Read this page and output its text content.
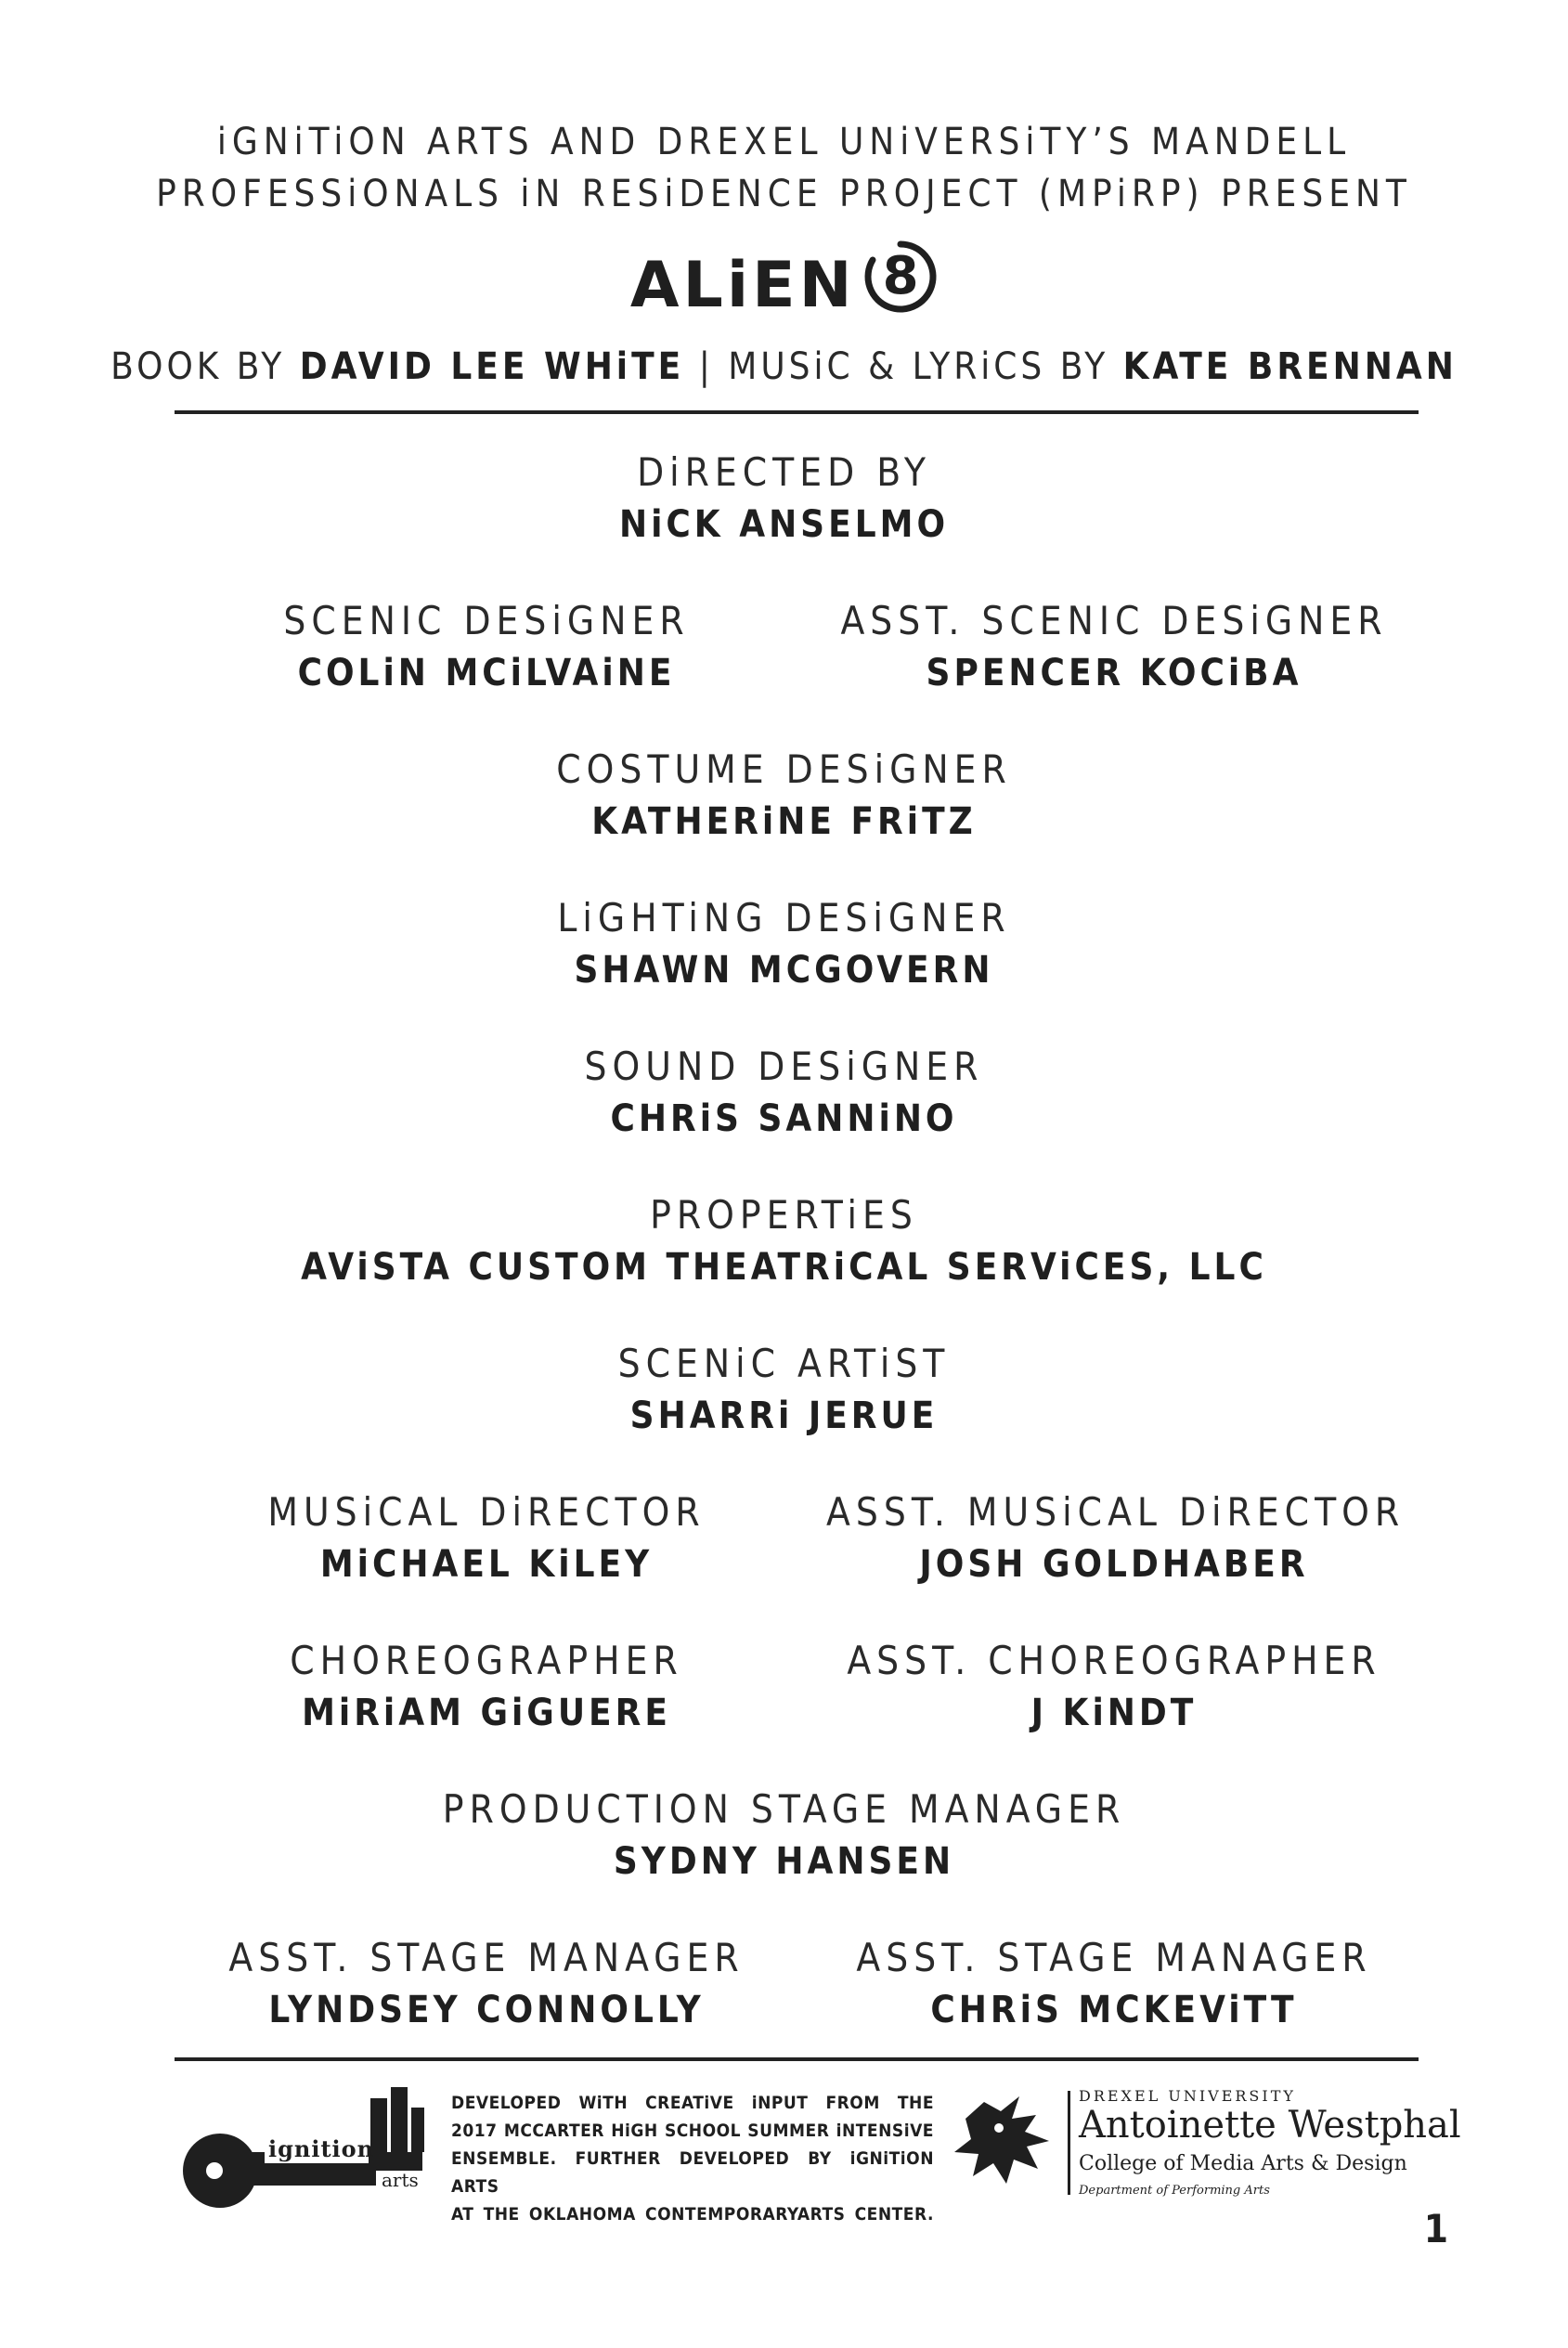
iGNiTiON ARTS AND DREXEL UNiVERSiTY’S MANDELL
PROFESSiONALS iN RESiDENCE PROJECT (MPiRP) PRESENT
ALiEN 8
BOOK BY DAVID LEE WHiTE | MUSiC & LYRiCS BY KATE BRENNAN
DiRECTED BY
NiCK ANSELMO
SCENIC DESiGNER
COLiN MCiLVAiNE
ASST. SCENIC DESiGNER
SPENCER KOCiBA
COSTUME DESiGNER
KATHERiNE FRiTZ
LiGHTiNG DESiGNER
SHAWN MCGOVERN
SOUND DESiGNER
CHRiS SANNiNO
PROPERTiES
AViSTA CUSTOM THEATRiCAL SERViCES, LLC
SCENiC ARTiST
SHARRi JERUE
MUSiCAL DiRECTOR
MiCHAEL KiLEY
ASST. MUSiCAL DiRECTOR
JOSH GOLDHABER
CHOREOGRAPHER
MiRiAM GiGUERE
ASST. CHOREOGRAPHER
J KiNDT
PRODUCTION STAGE MANAGER
SYDNY HANSEN
ASST. STAGE MANAGER
LYNDSEY CONNOLLY
ASST. STAGE MANAGER
CHRiS MCKEViTT
ignition
arts
DEVELOPED WiTH CREATiVE iNPUT FROM THE
2017 MCCARTER HiGH SCHOOL SUMMER iNTENSiVE
ENSEMBLE. FURTHER DEVELOPED BY iGNiTiON ARTS
AT THE OKLAHOMA CONTEMPORARYARTS CENTER.
DREXEL UNIVERSITY
Antoinette Westphal
College of Media Arts & Design
Department of Performing Arts
1
